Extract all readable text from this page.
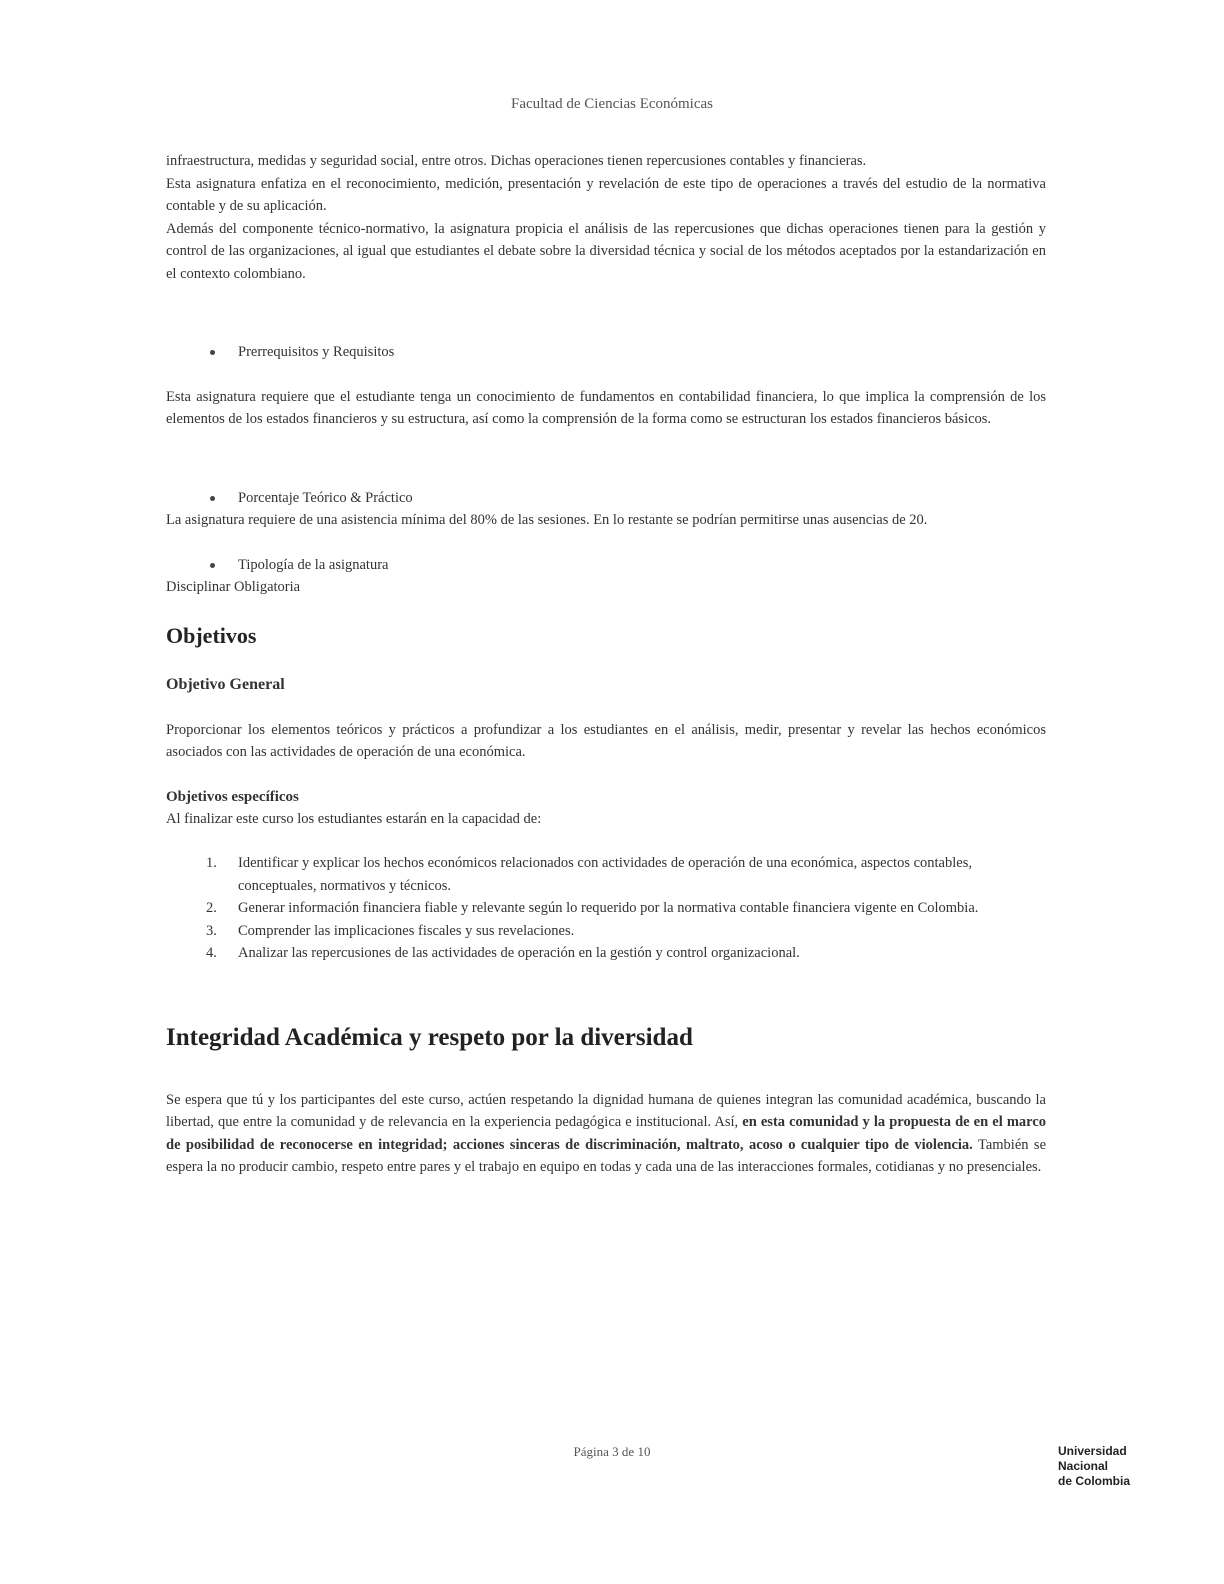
Facultad de Ciencias Económicas

infraestructura, medidas y seguridad social, entre otros. Dichas operaciones tienen repercusiones contables y financieras.

Esta asignatura enfatiza en el reconocimiento, medición, presentación y revelación de este tipo de operaciones a través del estudio de la normativa contable y de su aplicación.

Además del componente técnico-normativo, la asignatura propicia el análisis de las repercusiones que dichas operaciones tienen para la gestión y control de las organizaciones, al igual que estudiantes el debate sobre la diversidad técnica y social de los métodos aceptados por la estandarización en el contexto colombiano.

Prerrequisitos y Requisitos

Esta asignatura requiere que el estudiante tenga un conocimiento de fundamentos en contabilidad financiera, lo que implica la comprensión de los elementos de los estados financieros y su estructura, así como la comprensión de la forma como se estructuran los estados financieros básicos.

Porcentaje Teórico & Práctico

La asignatura requiere de una asistencia mínima del 80% de las sesiones. En lo restante se podrían permitirse unas ausencias de 20.

Tipología de la asignatura

Disciplinar Obligatoria

Objetivos
Objetivo General

Proporcionar los elementos teóricos y prácticos a profundizar a los estudiantes en el análisis, medir, presentar y revelar las hechos económicos asociados con las actividades de operación de una económica.

Objetivos específicos

Al finalizar este curso los estudiantes estarán en la capacidad de:

1. Identificar y explicar los hechos económicos relacionados con actividades de operación de una económica, aspectos contables, conceptuales, normativos y técnicos.
2. Generar información financiera fiable y relevante según lo requerido por la normativa contable financiera vigente en Colombia.
3. Comprender las implicaciones fiscales y sus revelaciones.
4. Analizar las repercusiones de las actividades de operación en la gestión y control organizacional.
Integridad Académica y respeto por la diversidad

Se espera que tú y los participantes del este curso, actúen respetando la dignidad humana de quienes integran las comunidad académica, buscando la libertad, que entre la comunidad y de relevancia en la experiencia pedagógica e institucional. Así, en esta comunidad y la propuesta de en el marco de posibilidad de reconocerse en integridad; acciones sinceras de discriminación, maltrato, acoso o cualquier tipo de violencia. También se espera la no producir cambio, respeto entre pares y el trabajo en equipo en todas y cada una de las interacciones formales, cotidianas y no presenciales.

Página 3 de 10	Universidad
Nacional
de Colombia
